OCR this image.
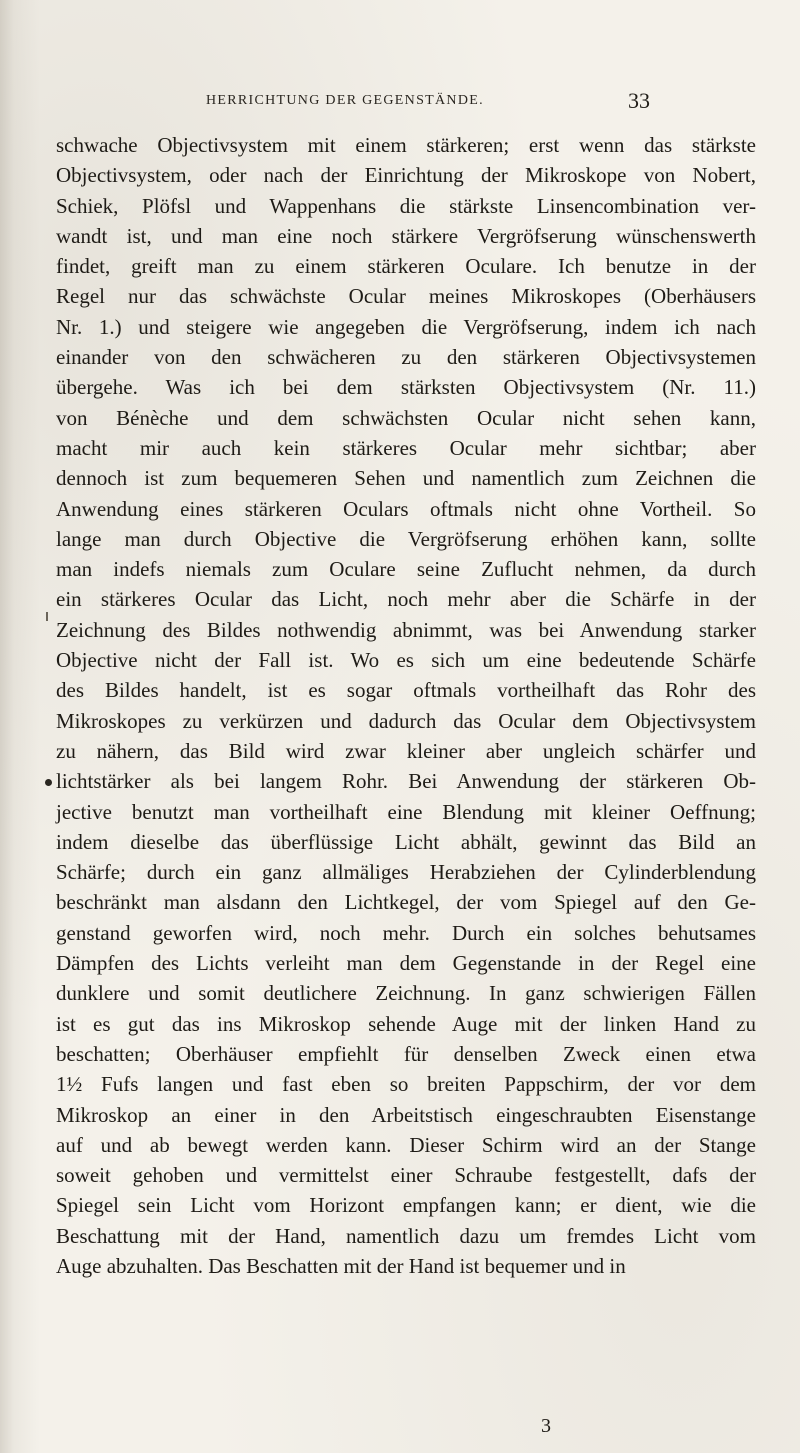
HERRICHTUNG DER GEGENSTÄNDE.	33
schwache Objectivsystem mit einem stärkeren; erst wenn das stärkste
Objectivsystem, oder nach der Einrichtung der Mikroskope von Nobert,
Schiek, Plöfsl und Wappenhans die stärkste Linsencombination ver-
wandt ist, und man eine noch stärkere Vergröfserung wünschenswerth
findet, greift man zu einem stärkeren Oculare. Ich benutze in der
Regel nur das schwächste Ocular meines Mikroskopes (Oberhäusers
Nr. 1.) und steigere wie angegeben die Vergröfserung, indem ich nach
einander von den schwächeren zu den stärkeren Objectivsystemen
übergehe. Was ich bei dem stärksten Objectivsystem (Nr. 11.)
von Bénèche und dem schwächsten Ocular nicht sehen kann,
macht mir auch kein stärkeres Ocular mehr sichtbar; aber
dennoch ist zum bequemeren Sehen und namentlich zum Zeichnen die
Anwendung eines stärkeren Oculars oftmals nicht ohne Vortheil. So
lange man durch Objective die Vergröfserung erhöhen kann, sollte
man indefs niemals zum Oculare seine Zuflucht nehmen, da durch
ein stärkeres Ocular das Licht, noch mehr aber die Schärfe in der
Zeichnung des Bildes nothwendig abnimmt, was bei Anwendung starker
Objective nicht der Fall ist. Wo es sich um eine bedeutende Schärfe
des Bildes handelt, ist es sogar oftmals vortheilhaft das Rohr des
Mikroskopes zu verkürzen und dadurch das Ocular dem Objectivsystem
zu nähern, das Bild wird zwar kleiner aber ungleich schärfer und
lichtstärker als bei langem Rohr. Bei Anwendung der stärkeren Ob-
jective benutzt man vortheilhaft eine Blendung mit kleiner Oeffnung;
indem dieselbe das überflüssige Licht abhält, gewinnt das Bild an
Schärfe; durch ein ganz allmäliges Herabziehen der Cylinderblendung
beschränkt man alsdann den Lichtkegel, der vom Spiegel auf den Ge-
genstand geworfen wird, noch mehr. Durch ein solches behutsames
Dämpfen des Lichts verleiht man dem Gegenstande in der Regel eine
dunklere und somit deutlichere Zeichnung. In ganz schwierigen Fällen
ist es gut das ins Mikroskop sehende Auge mit der linken Hand zu
beschatten; Oberhäuser empfiehlt für denselben Zweck einen etwa
1½ Fufs langen und fast eben so breiten Pappschirm, der vor dem
Mikroskop an einer in den Arbeitstisch eingeschraubten Eisenstange
auf und ab bewegt werden kann. Dieser Schirm wird an der Stange
soweit gehoben und vermittelst einer Schraube festgestellt, dafs der
Spiegel sein Licht vom Horizont empfangen kann; er dient, wie die
Beschattung mit der Hand, namentlich dazu um fremdes Licht vom
Auge abzuhalten. Das Beschatten mit der Hand ist bequemer und in
3
